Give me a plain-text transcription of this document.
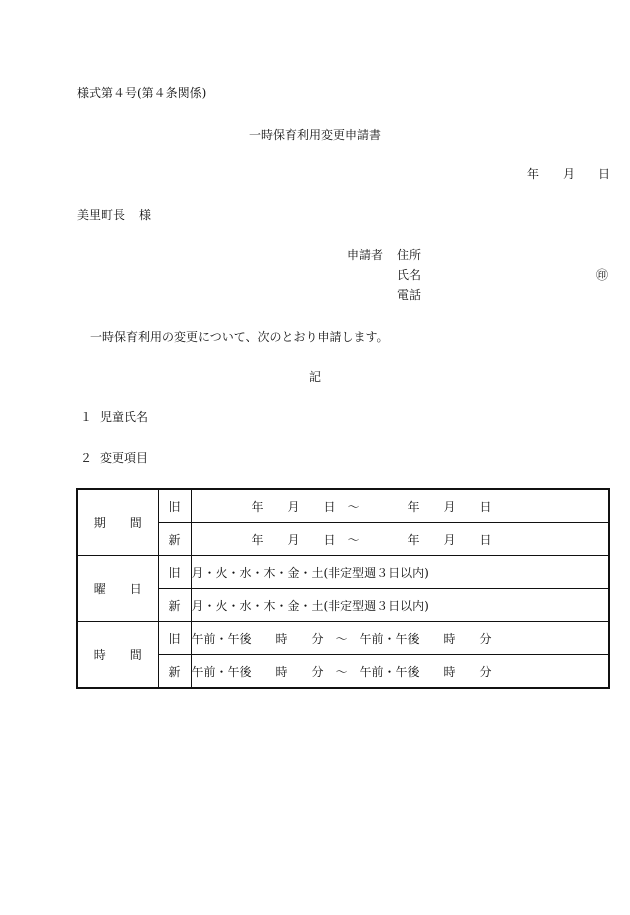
様式第４号(第４条関係)
一時保育利用変更申請書
年 月 日
美里町長 様
申請者 住所
氏名	㊞
電話
一時保育利用の変更について、次のとおり申請します。
記
１ 児童氏名
２ 変更項目
期間	旧	　　　　　年　　月　　日　～　　　　年　　月　　日
	新	　　　　　年　　月　　日　～　　　　年　　月　　日
曜日	旧	月・火・水・木・金・土(非定型週３日以内)
	新	月・火・水・木・金・土(非定型週３日以内)
時間	旧	午前・午後　　時　　分　～　午前・午後　　時　　分
	新	午前・午後　　時　　分　～　午前・午後　　時　　分
